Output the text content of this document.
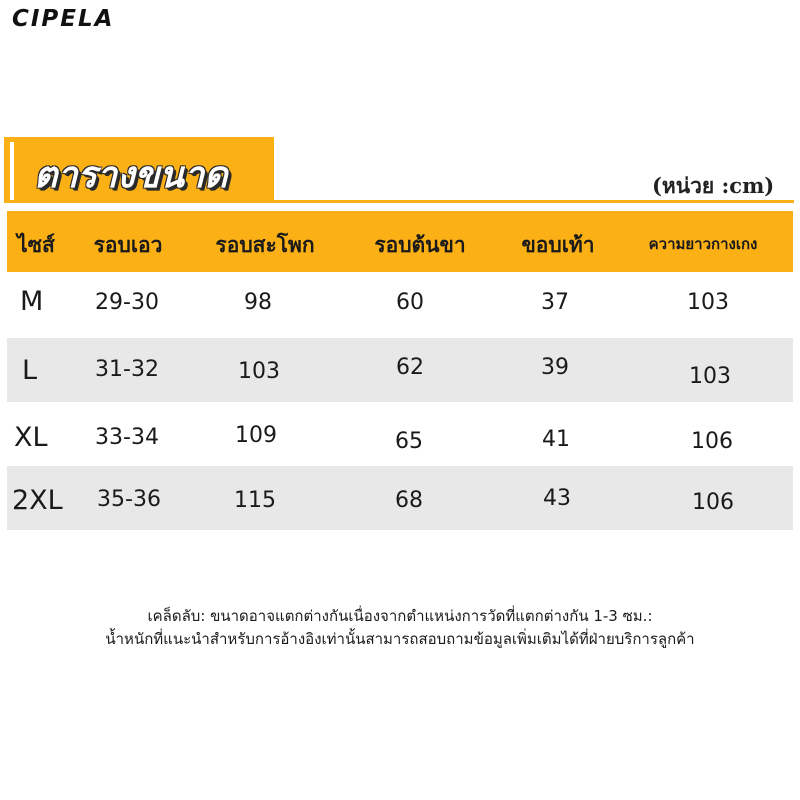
CIPELA
ตารางขนาด	(หน่วย :cm)
ไซส์ รอบเอว	รอบสะโพก	รอบต้นขา	ขอบเท้า	ความยาวกางเกง
M 29-30	98	60	37	103
L	31-32	103	62	39	103
XL 33-34	109	65	41	106
2XL 35-36	115	68	43	106
เคล็ดลับ: ขนาดอาจแตกต่างกันเนื่องจากตำแหน่งการวัดที่แตกต่างกัน 1-3 ซม.:
น้ำหนักที่แนะนำสำหรับการอ้างอิงเท่านั้นสามารถสอบถามข้อมูลเพิ่มเติมได้ที่ฝ่ายบริการลูกค้า
